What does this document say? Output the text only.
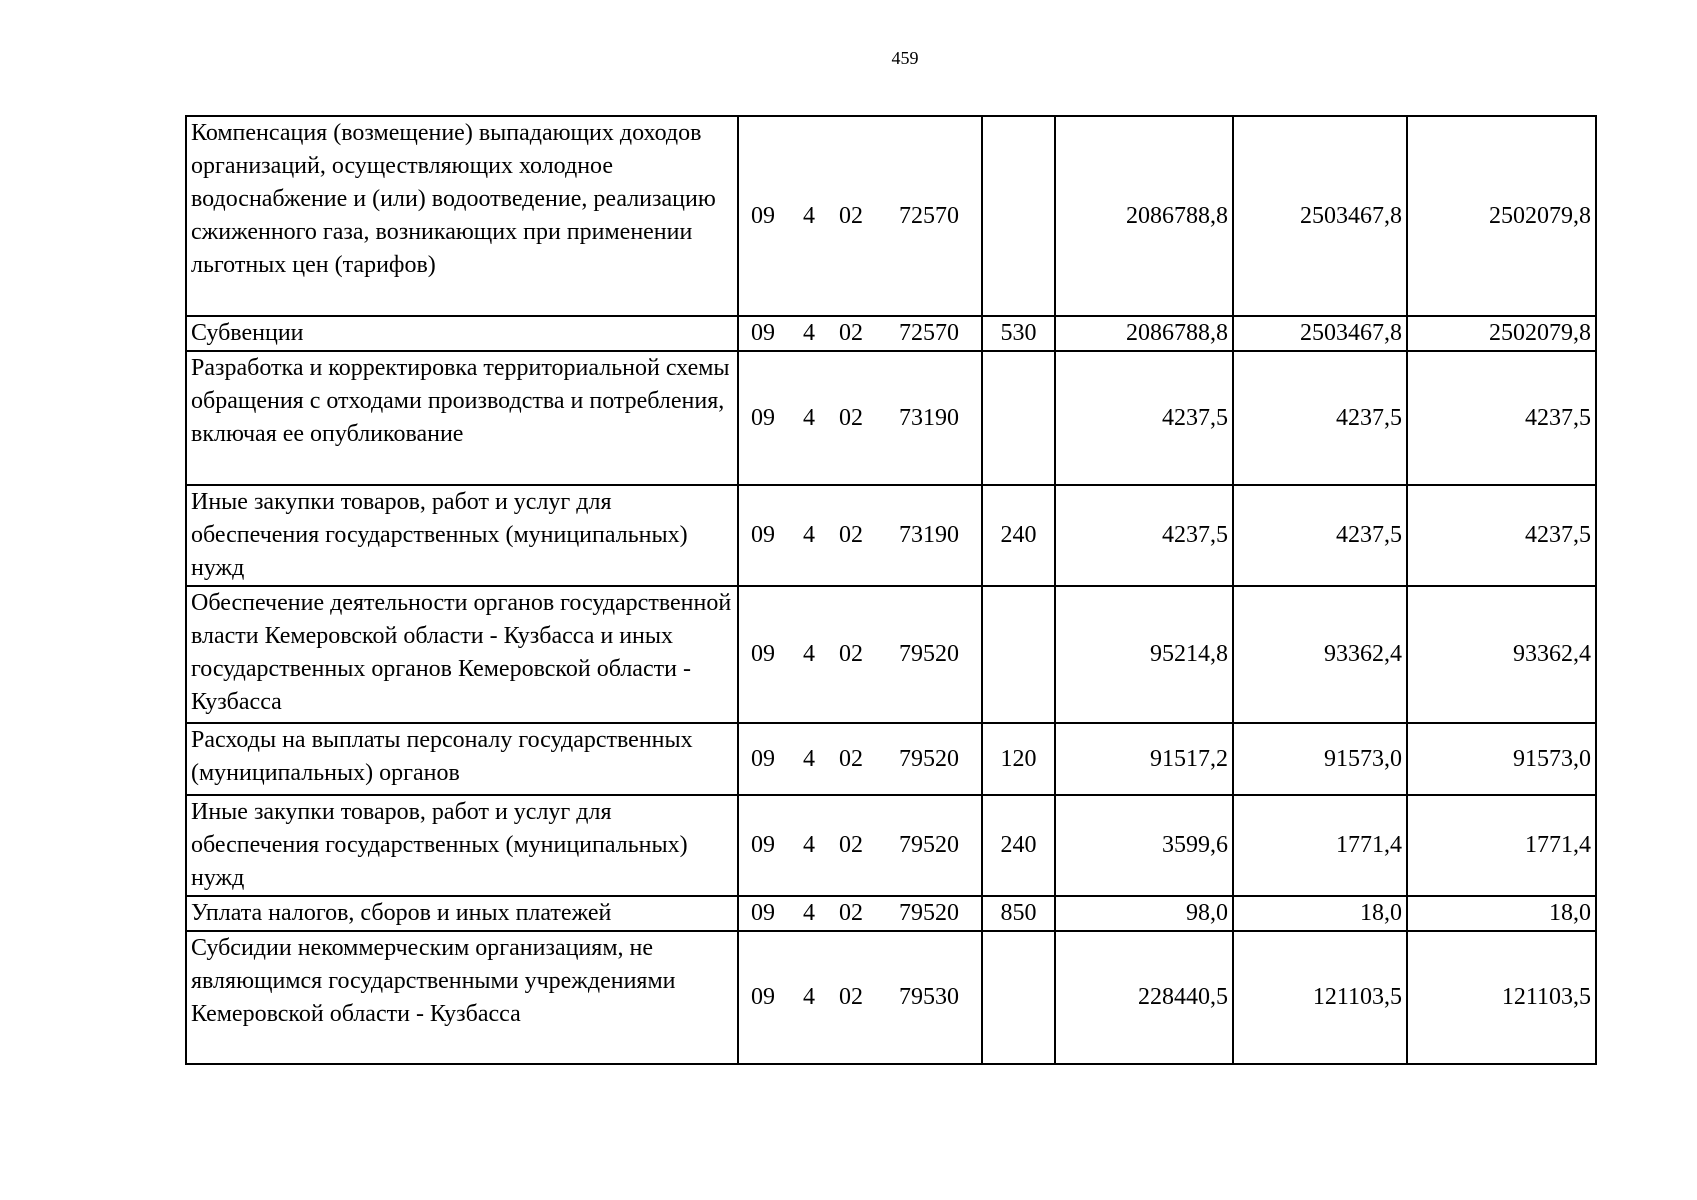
459
Компенсация (возмещение) выпадающих доходов организаций, осуществляющих холодное водоснабжение и (или) водоотведение, реализацию сжиженного газа, возникающих при применении льготных цен (тарифов)	09 4 02 72570		2086788,8	2503467,8	2502079,8

Субвенции	09 4 02 72570	530	2086788,8	2503467,8	2502079,8

Разработка и корректировка территориальной схемы обращения с отходами производства и потребления, включая ее опубликование	09 4 02 73190		4237,5	4237,5	4237,5

Иные закупки товаров, работ и услуг для обеспечения государственных (муниципальных) нужд	09 4 02 73190	240	4237,5	4237,5	4237,5

Обеспечение деятельности органов государственной власти Кемеровской области - Кузбасса и иных государственных органов Кемеровской области - Кузбасса	09 4 02 79520		95214,8	93362,4	93362,4

Расходы на выплаты персоналу государственных (муниципальных) органов	09 4 02 79520	120	91517,2	91573,0	91573,0

Иные закупки товаров, работ и услуг для обеспечения государственных (муниципальных) нужд	09 4 02 79520	240	3599,6	1771,4	1771,4

Уплата налогов, сборов и иных платежей	09 4 02 79520	850	98,0	18,0	18,0

Субсидии некоммерческим организациям, не являющимся государственными учреждениями Кемеровской области - Кузбасса	09 4 02 79530		228440,5	121103,5	121103,5
